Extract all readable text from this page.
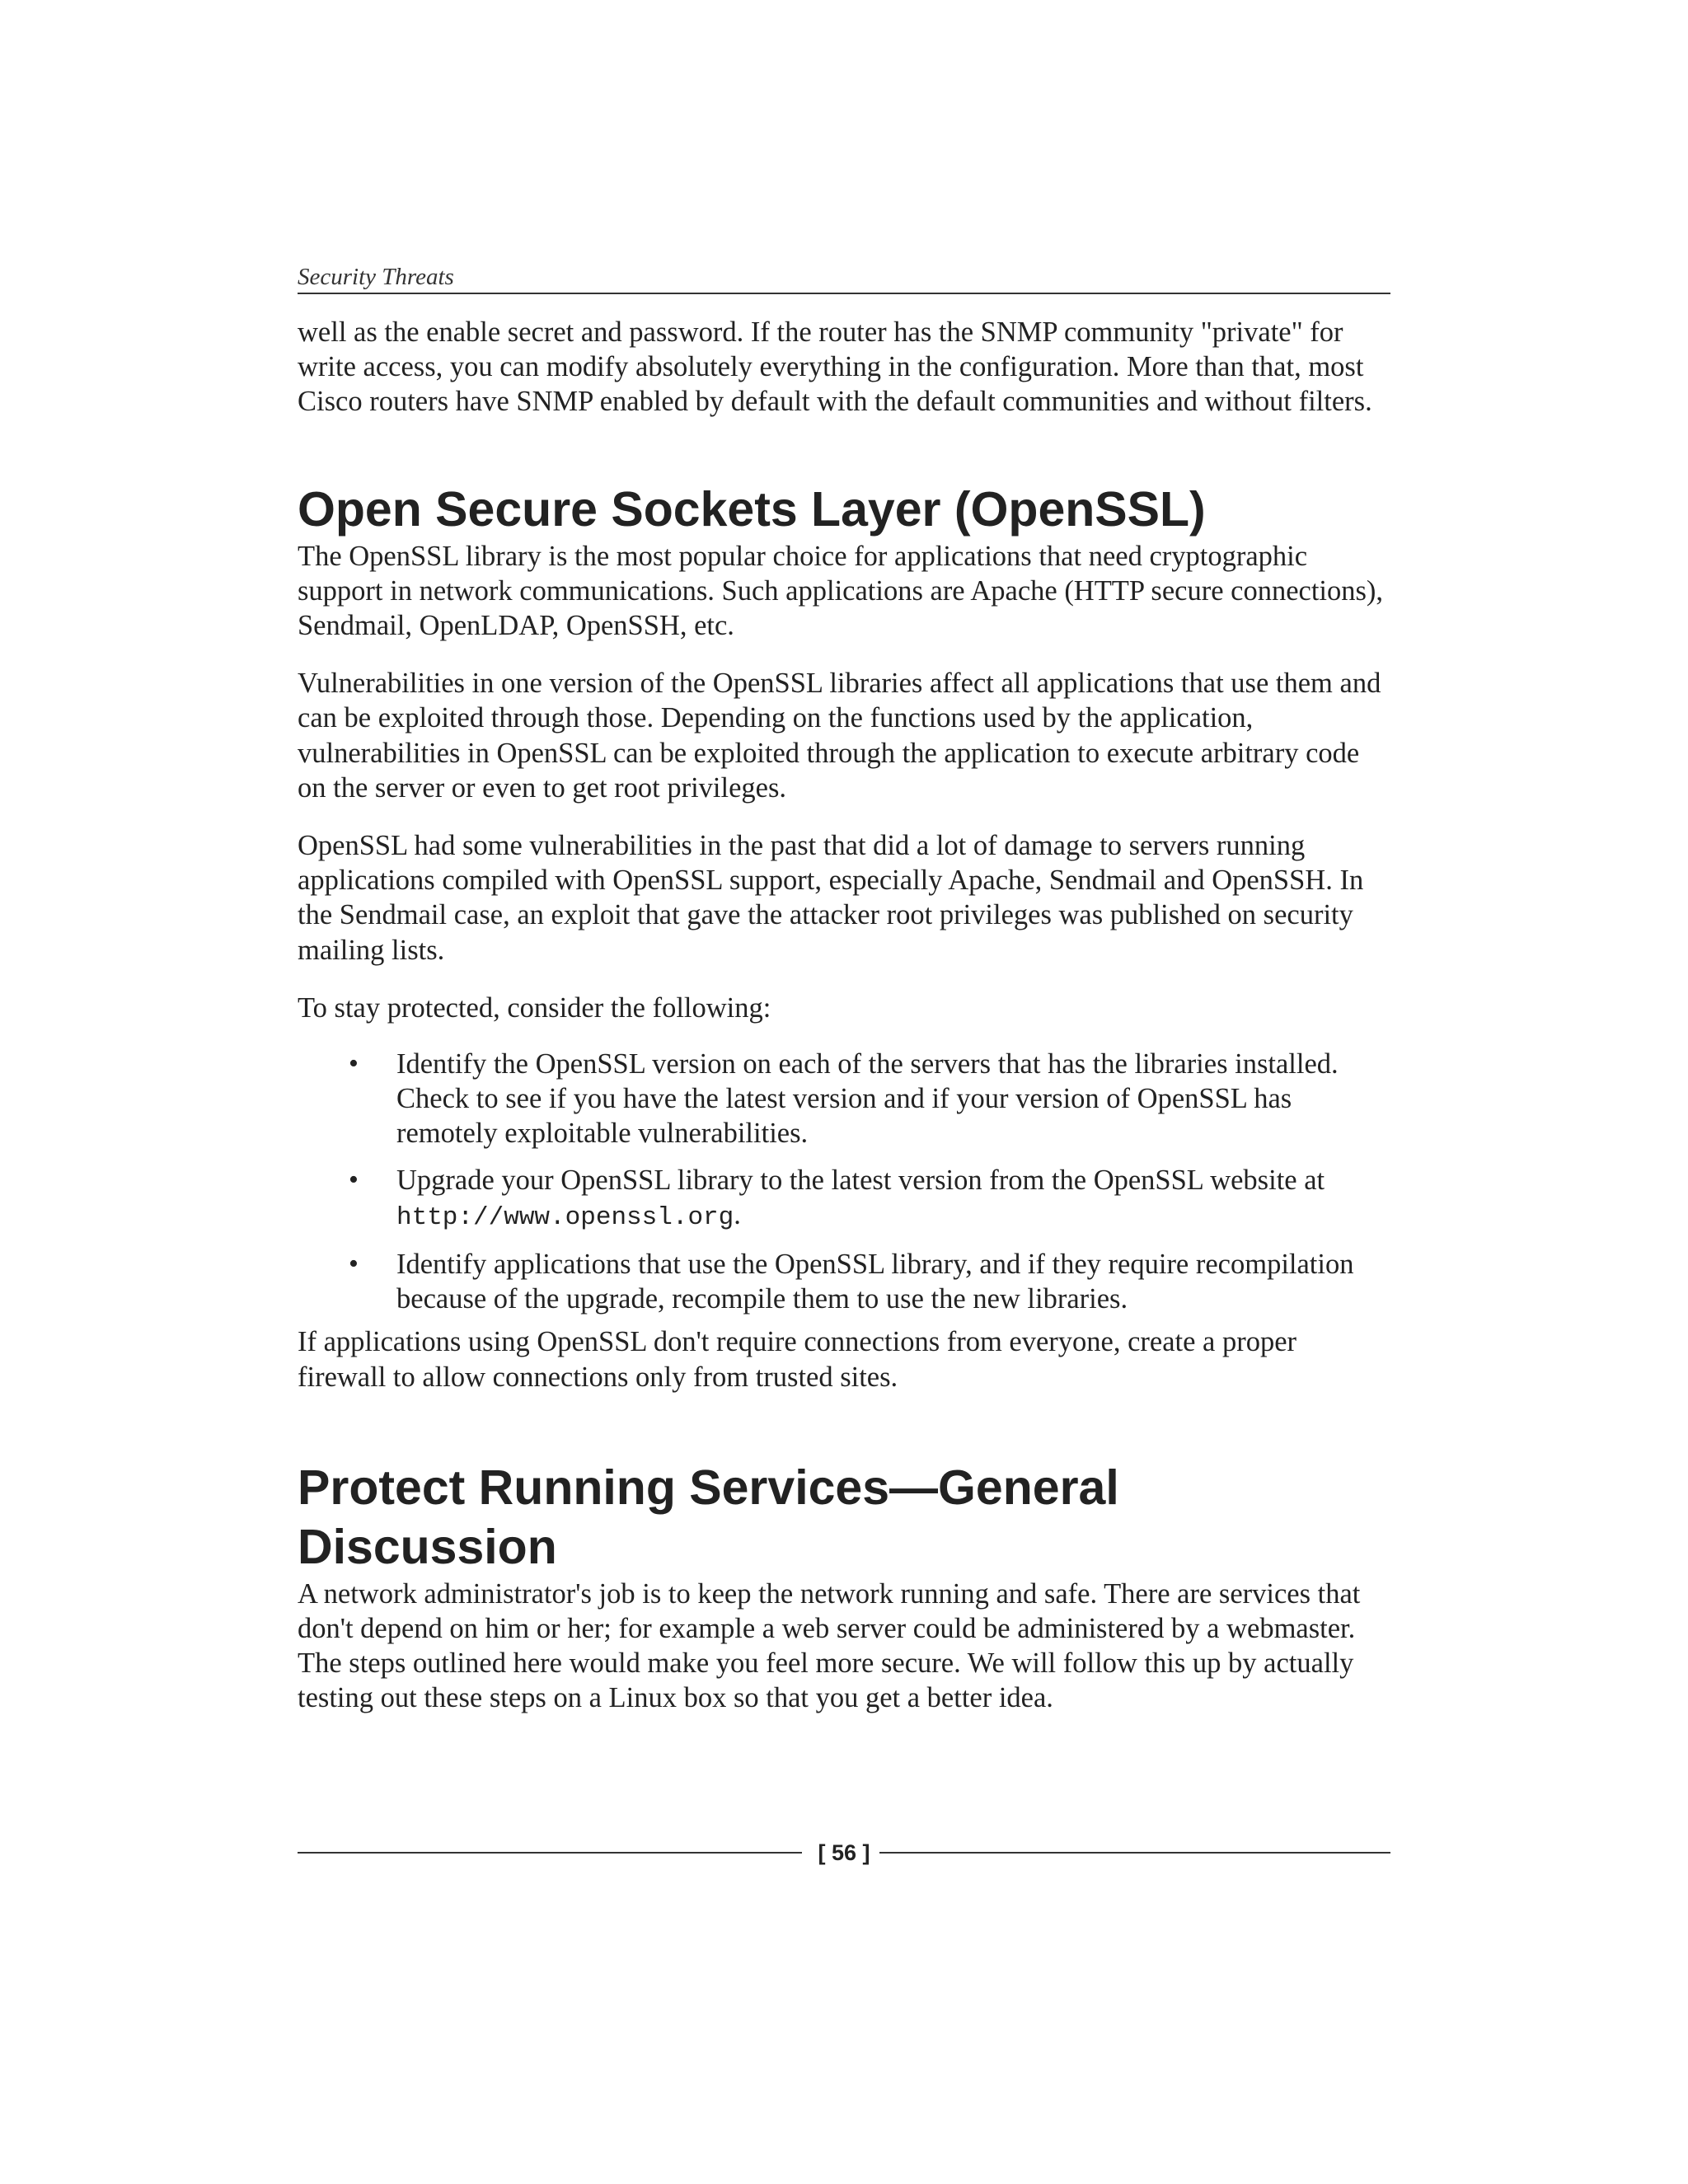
Security Threats

well as the enable secret and password. If the router has the SNMP community "private" for write access, you can modify absolutely everything in the configuration. More than that, most Cisco routers have SNMP enabled by default with the default communities and without filters.

Open Secure Sockets Layer (OpenSSL)

The OpenSSL library is the most popular choice for applications that need cryptographic support in network communications. Such applications are Apache (HTTP secure connections), Sendmail, OpenLDAP, OpenSSH, etc.

Vulnerabilities in one version of the OpenSSL libraries affect all applications that use them and can be exploited through those. Depending on the functions used by the application, vulnerabilities in OpenSSL can be exploited through the application to execute arbitrary code on the server or even to get root privileges.

OpenSSL had some vulnerabilities in the past that did a lot of damage to servers running applications compiled with OpenSSL support, especially Apache, Sendmail and OpenSSH. In the Sendmail case, an exploit that gave the attacker root privileges was published on security mailing lists.

To stay protected, consider the following:

• Identify the OpenSSL version on each of the servers that has the libraries installed. Check to see if you have the latest version and if your version of OpenSSL has remotely exploitable vulnerabilities.
• Upgrade your OpenSSL library to the latest version from the OpenSSL website at http://www.openssl.org.
• Identify applications that use the OpenSSL library, and if they require recompilation because of the upgrade, recompile them to use the new libraries.

If applications using OpenSSL don't require connections from everyone, create a proper firewall to allow connections only from trusted sites.

Protect Running Services—General
Discussion

A network administrator's job is to keep the network running and safe. There are services that don't depend on him or her; for example a web server could be administered by a webmaster. The steps outlined here would make you feel more secure. We will follow this up by actually testing out these steps on a Linux box so that you get a better idea.

[ 56 ]
